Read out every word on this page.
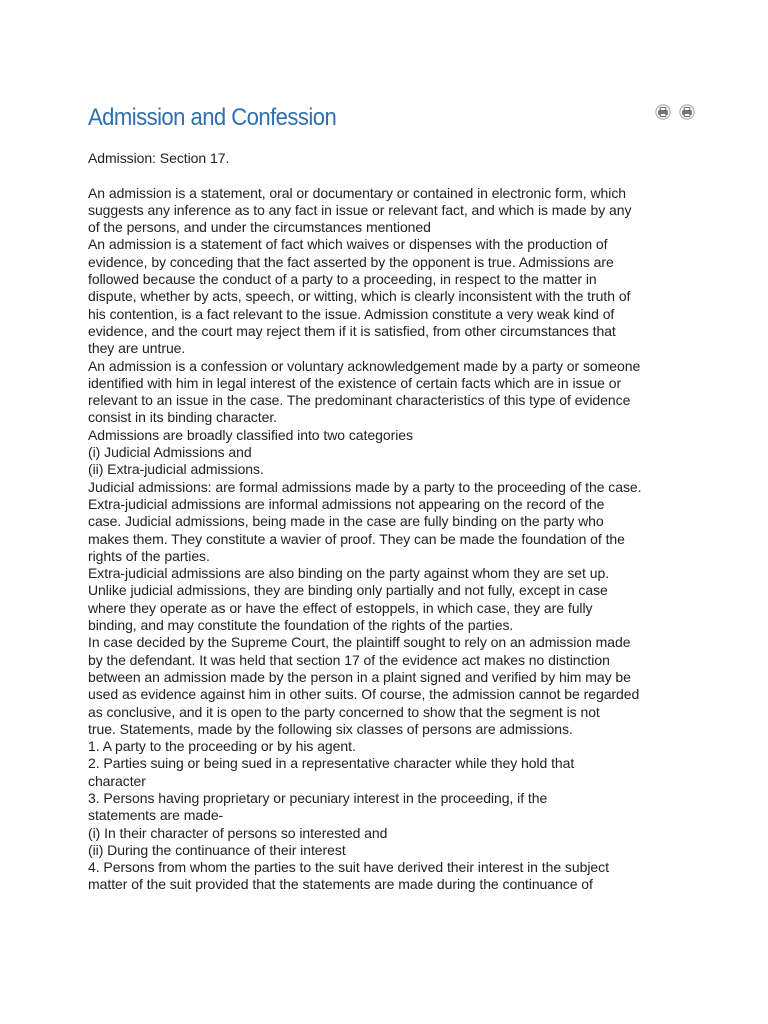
Admission and Confession
Admission: Section 17.
An admission is a statement, oral or documentary or contained in electronic form, which
suggests any inference as to any fact in issue or relevant fact, and which is made by any
of the persons, and under the circumstances mentioned
An admission is a statement of fact which waives or dispenses with the production of
evidence, by conceding that the fact asserted by the opponent is true. Admissions are
followed because the conduct of a party to a proceeding, in respect to the matter in
dispute, whether by acts, speech, or witting, which is clearly inconsistent with the truth of
his contention, is a fact relevant to the issue. Admission constitute a very weak kind of
evidence, and the court may reject them if it is satisfied, from other circumstances that
they are untrue.
An admission is a confession or voluntary acknowledgement made by a party or someone
identified with him in legal interest of the existence of certain facts which are in issue or
relevant to an issue in the case. The predominant characteristics of this type of evidence
consist in its binding character.
Admissions are broadly classified into two categories
(i) Judicial Admissions and
(ii) Extra-judicial admissions.
Judicial admissions: are formal admissions made by a party to the proceeding of the case.
Extra-judicial admissions are informal admissions not appearing on the record of the
case. Judicial admissions, being made in the case are fully binding on the party who
makes them. They constitute a wavier of proof. They can be made the foundation of the
rights of the parties.
Extra-judicial admissions are also binding on the party against whom they are set up.
Unlike judicial admissions, they are binding only partially and not fully, except in case
where they operate as or have the effect of estoppels, in which case, they are fully
binding, and may constitute the foundation of the rights of the parties.
In case decided by the Supreme Court, the plaintiff sought to rely on an admission made
by the defendant. It was held that section 17 of the evidence act makes no distinction
between an admission made by the person in a plaint signed and verified by him may be
used as evidence against him in other suits. Of course, the admission cannot be regarded
as conclusive, and it is open to the party concerned to show that the segment is not
true. Statements, made by the following six classes of persons are admissions.
1. A party to the proceeding or by his agent.
2. Parties suing or being sued in a representative character while they hold that
character
3. Persons having proprietary or pecuniary interest in the proceeding, if the
statements are made-
(i) In their character of persons so interested and
(ii) During the continuance of their interest
4. Persons from whom the parties to the suit have derived their interest in the subject
matter of the suit provided that the statements are made during the continuance of
